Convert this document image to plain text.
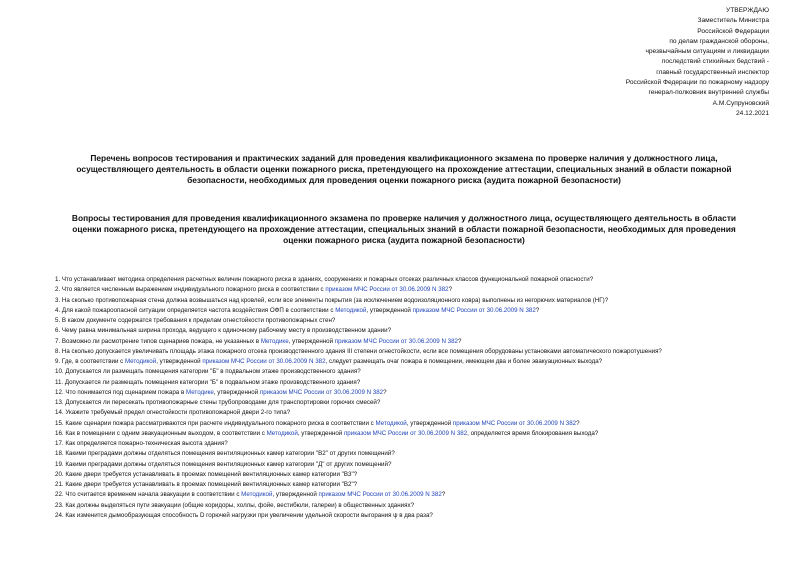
УТВЕРЖДАЮ
Заместитель Министра
Российской Федерации
по делам гражданской обороны,
чрезвычайным ситуациям и ликвидации
последствий стихийных бедствий -
главный государственный инспектор
Российской Федерации по пожарному надзору
генерал-полковник внутренней службы
А.М.Супруновский
24.12.2021
Перечень вопросов тестирования и практических заданий для проведения квалификационного экзамена по проверке наличия у должностного лица,
осуществляющего деятельность в области оценки пожарного риска, претендующего на прохождение аттестации, специальных знаний в области пожарной
безопасности, необходимых для проведения оценки пожарного риска (аудита пожарной безопасности)
Вопросы тестирования для проведения квалификационного экзамена по проверке наличия у должностного лица, осуществляющего деятельность в области
оценки пожарного риска, претендующего на прохождение аттестации, специальных знаний в области пожарной безопасности, необходимых для проведения
оценки пожарного риска (аудита пожарной безопасности)
1. Что устанавливает методика определения расчетных величин пожарного риска в зданиях, сооружениях и пожарных отсеках различных классов функциональной пожарной опасности?
2. Что является численным выражением индивидуального пожарного риска в соответствии с приказом МЧС России от 30.06.2009 N 382?
3. На сколько противопожарная стена должна возвышаться над кровлей, если все элементы покрытия (за исключением водоизоляционного ковра) выполнены из негорючих материалов (НГ)?
4. Для какой пожароопасной ситуации определяется частота воздействия ОФП в соответствии с Методикой, утвержденной приказом МЧС России от 30.06.2009 N 382?
5. В каком документе содержатся требования к пределам огнестойкости противопожарных стен?
6. Чему равна минимальная ширина прохода, ведущего к одиночному рабочему месту в производственном здании?
7. Возможно ли расмотрение типов сценариев пожара, не указанных в Методике, утвержденной приказом МЧС России от 30.06.2009 N 382?
8. На сколько допускается увеличивать площадь этажа пожарного отсека производственного здания III степени огнестойкости, если все помещения оборудованы установками автоматического пожаротушения?
9. Где, в соответствии с Методикой, утвержденной приказом МЧС России от 30.06.2009 N 382, следует размещать очаг пожара в помещении, имеющем два и более эвакуационных выхода?
10. Допускается ли размещать помещения категории "Б" в подвальном этаже производственного здания?
11. Допускается ли размещать помещения категории "Б" в подвальном этаже производственного здания?
12. Что понимается под сценарием пожара в Методике, утвержденной приказом МЧС России от 30.06.2009 N 382?
13. Допускается ли пересекать противопожарные стены трубопроводами для транспортировки горючих смесей?
14. Укажите требуемый предел огнестойкости противопожарной двери 2-го типа?
15. Какие сценарии пожара рассматриваются при расчете индивидуального пожарного риска в соответствии с Методикой, утвержденной приказом МЧС России от 30.06.2009 N 382?
16. Как в помещении с одним эвакуационным выходом, в соответствии с Методикой, утвержденной приказом МЧС России от 30.06.2009 N 382, определяется время блокирования выхода?
17. Как определяется пожарно-техническая высота здания?
18. Какими преградами должны отделяться помещения вентиляционных камер категории "В2" от других помещений?
19. Какими преградами должны отделяться помещения вентиляционных камер категории "Д" от других помещений?
20. Какие двери требуется устанавливать в проемах помещений вентиляционных камер категории "В3"?
21. Какие двери требуется устанавливать в проемах помещений вентиляционных камер категории "В2"?
22. Что считается временем начала эвакуации в соответствии с Методикой, утвержденной приказом МЧС России от 30.06.2009 N 382?
23. Как должны выделяться пути эвакуации (общие коридоры, холлы, фойе, вестибюли, галереи) в общественных зданиях?
24. Как изменится дымообразующая способность D горючей нагрузки при увеличении удельной скорости выгорания ψ в два раза?
